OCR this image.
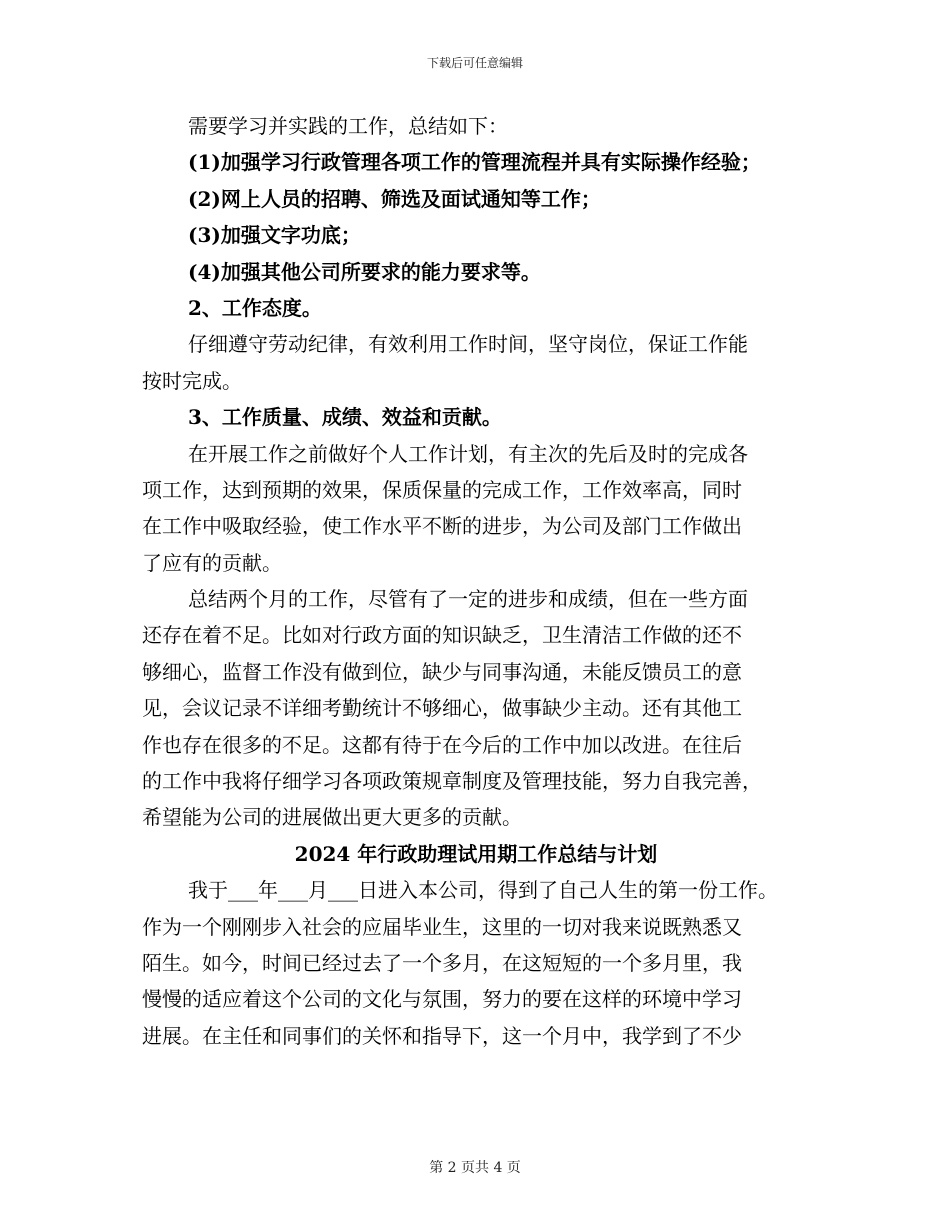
下载后可任意编辑
需要学习并实践的工作，总结如下：
(1)加强学习行政管理各项工作的管理流程并具有实际操作经验；
(2)网上人员的招聘、筛选及面试通知等工作；
(3)加强文字功底；
(4)加强其他公司所要求的能力要求等。
2、工作态度。
仔细遵守劳动纪律，有效利用工作时间，坚守岗位，保证工作能
按时完成。
3、工作质量、成绩、效益和贡献。
在开展工作之前做好个人工作计划，有主次的先后及时的完成各
项工作，达到预期的效果，保质保量的完成工作，工作效率高，同时
在工作中吸取经验，使工作水平不断的进步，为公司及部门工作做出
了应有的贡献。
总结两个月的工作，尽管有了一定的进步和成绩，但在一些方面
还存在着不足。比如对行政方面的知识缺乏，卫生清洁工作做的还不
够细心，监督工作没有做到位，缺少与同事沟通，未能反馈员工的意
见，会议记录不详细考勤统计不够细心，做事缺少主动。还有其他工
作也存在很多的不足。这都有待于在今后的工作中加以改进。在往后
的工作中我将仔细学习各项政策规章制度及管理技能，努力自我完善，
希望能为公司的进展做出更大更多的贡献。
2024 年行政助理试用期工作总结与计划
我于___年___月___日进入本公司，得到了自己人生的第一份工作。
作为一个刚刚步入社会的应届毕业生，这里的一切对我来说既熟悉又
陌生。如今，时间已经过去了一个多月，在这短短的一个多月里，我
慢慢的适应着这个公司的文化与氛围，努力的要在这样的环境中学习
进展。在主任和同事们的关怀和指导下，这一个月中，我学到了不少
第 2 页共 4 页
